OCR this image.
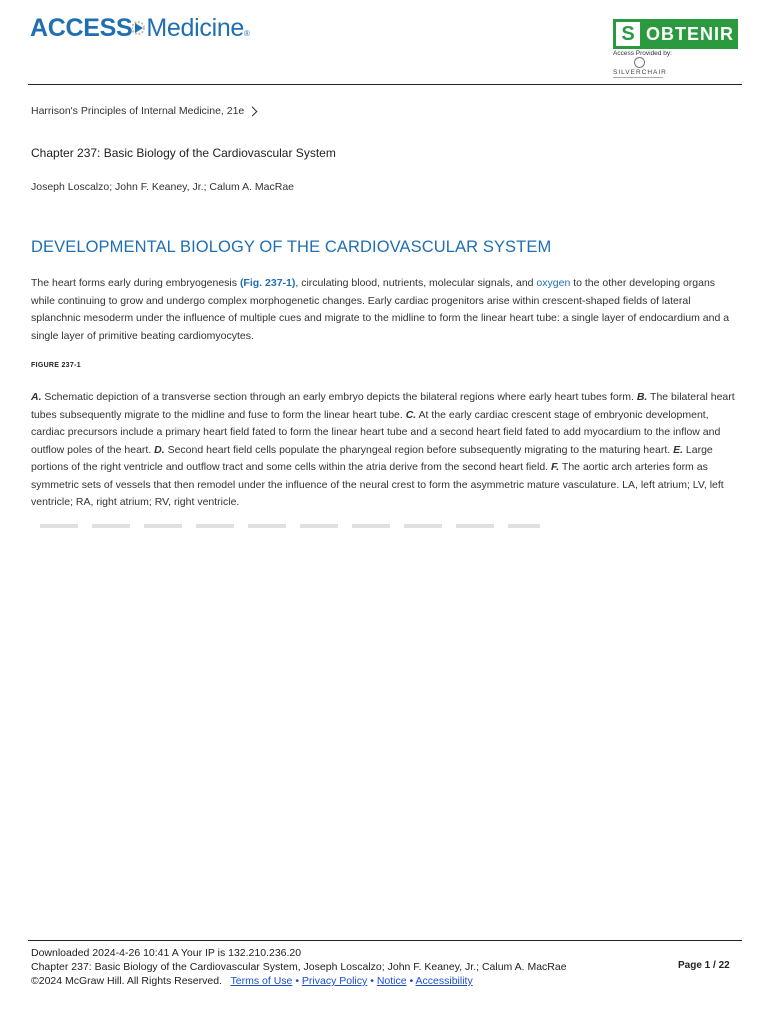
ACCESS Medicine®	S OBTENIR
Access Provided by:
SILVERCHAIR
Harrison's Principles of Internal Medicine, 21e
Chapter 237: Basic Biology of the Cardiovascular System
Joseph Loscalzo; John F. Keaney, Jr.; Calum A. MacRae
DEVELOPMENTAL BIOLOGY OF THE CARDIOVASCULAR SYSTEM
The heart forms early during embryogenesis (Fig. 237-1), circulating blood, nutrients, molecular signals, and oxygen to the other developing organs while continuing to grow and undergo complex morphogenetic changes. Early cardiac progenitors arise within crescent-shaped fields of lateral splanchnic mesoderm under the influence of multiple cues and migrate to the midline to form the linear heart tube: a single layer of endocardium and a single layer of primitive beating cardiomyocytes.
FIGURE 237-1
A. Schematic depiction of a transverse section through an early embryo depicts the bilateral regions where early heart tubes form. B. The bilateral heart tubes subsequently migrate to the midline and fuse to form the linear heart tube. C. At the early cardiac crescent stage of embryonic development, cardiac precursors include a primary heart field fated to form the linear heart tube and a second heart field fated to add myocardium to the inflow and outflow poles of the heart. D. Second heart field cells populate the pharyngeal region before subsequently migrating to the maturing heart. E. Large portions of the right ventricle and outflow tract and some cells within the atria derive from the second heart field. F. The aortic arch arteries form as symmetric sets of vessels that then remodel under the influence of the neural crest to form the asymmetric mature vasculature. LA, left atrium; LV, left ventricle; RA, right atrium; RV, right ventricle.
Downloaded 2024-4-26 10:41 A Your IP is 132.210.236.20
Chapter 237: Basic Biology of the Cardiovascular System, Joseph Loscalzo; John F. Keaney, Jr.; Calum A. MacRae
©2024 McGraw Hill. All Rights Reserved. Terms of Use • Privacy Policy • Notice • Accessibility
Page 1 / 22
